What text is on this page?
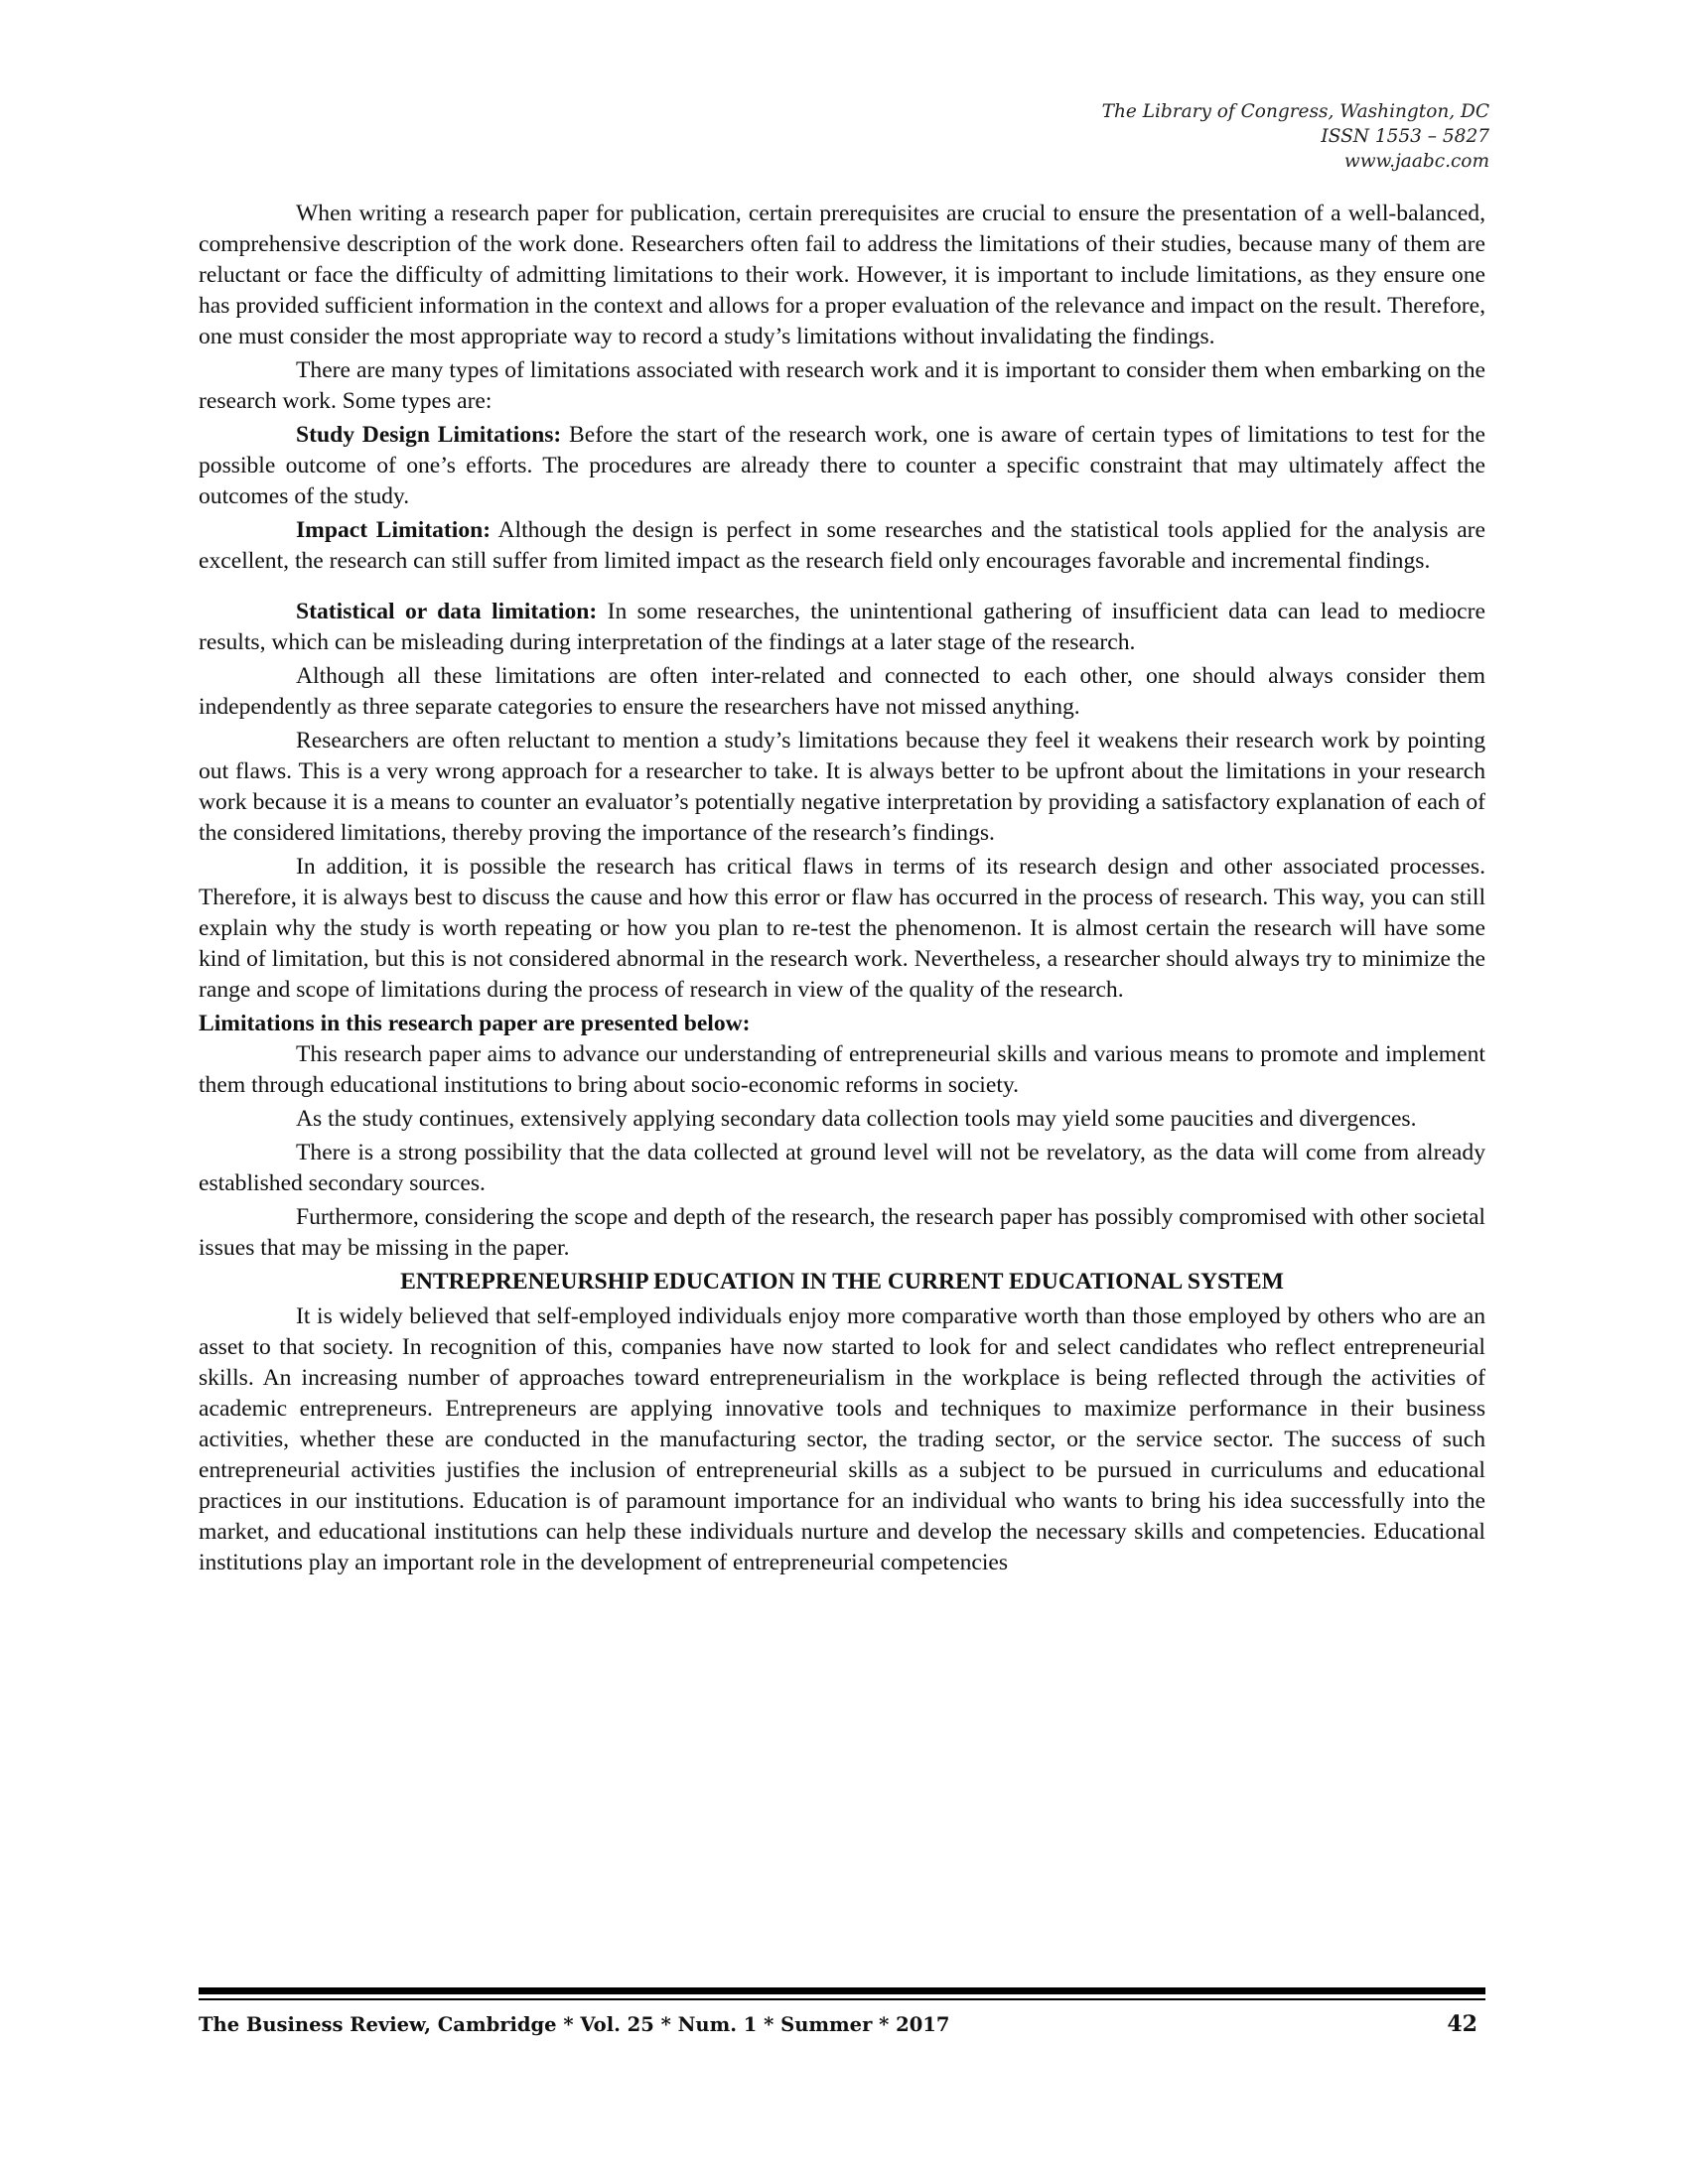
The Library of Congress, Washington, DC
ISSN 1553 – 5827
www.jaabc.com

When writing a research paper for publication, certain prerequisites are crucial to ensure the presentation of a well-balanced, comprehensive description of the work done. Researchers often fail to address the limitations of their studies, because many of them are reluctant or face the difficulty of admitting limitations to their work. However, it is important to include limitations, as they ensure one has provided sufficient information in the context and allows for a proper evaluation of the relevance and impact on the result. Therefore, one must consider the most appropriate way to record a study’s limitations without invalidating the findings.

There are many types of limitations associated with research work and it is important to consider them when embarking on the research work. Some types are:

Study Design Limitations: Before the start of the research work, one is aware of certain types of limitations to test for the possible outcome of one’s efforts. The procedures are already there to counter a specific constraint that may ultimately affect the outcomes of the study.

Impact Limitation: Although the design is perfect in some researches and the statistical tools applied for the analysis are excellent, the research can still suffer from limited impact as the research field only encourages favorable and incremental findings.

Statistical or data limitation: In some researches, the unintentional gathering of insufficient data can lead to mediocre results, which can be misleading during interpretation of the findings at a later stage of the research.

Although all these limitations are often inter-related and connected to each other, one should always consider them independently as three separate categories to ensure the researchers have not missed anything.

Researchers are often reluctant to mention a study’s limitations because they feel it weakens their research work by pointing out flaws. This is a very wrong approach for a researcher to take. It is always better to be upfront about the limitations in your research work because it is a means to counter an evaluator’s potentially negative interpretation by providing a satisfactory explanation of each of the considered limitations, thereby proving the importance of the research’s findings.

In addition, it is possible the research has critical flaws in terms of its research design and other associated processes. Therefore, it is always best to discuss the cause and how this error or flaw has occurred in the process of research. This way, you can still explain why the study is worth repeating or how you plan to re-test the phenomenon. It is almost certain the research will have some kind of limitation, but this is not considered abnormal in the research work. Nevertheless, a researcher should always try to minimize the range and scope of limitations during the process of research in view of the quality of the research.

Limitations in this research paper are presented below:

This research paper aims to advance our understanding of entrepreneurial skills and various means to promote and implement them through educational institutions to bring about socio-economic reforms in society.

As the study continues, extensively applying secondary data collection tools may yield some paucities and divergences.

There is a strong possibility that the data collected at ground level will not be revelatory, as the data will come from already established secondary sources.

Furthermore, considering the scope and depth of the research, the research paper has possibly compromised with other societal issues that may be missing in the paper.

ENTREPRENEURSHIP EDUCATION IN THE CURRENT EDUCATIONAL SYSTEM

It is widely believed that self-employed individuals enjoy more comparative worth than those employed by others who are an asset to that society. In recognition of this, companies have now started to look for and select candidates who reflect entrepreneurial skills. An increasing number of approaches toward entrepreneurialism in the workplace is being reflected through the activities of academic entrepreneurs. Entrepreneurs are applying innovative tools and techniques to maximize performance in their business activities, whether these are conducted in the manufacturing sector, the trading sector, or the service sector. The success of such entrepreneurial activities justifies the inclusion of entrepreneurial skills as a subject to be pursued in curriculums and educational practices in our institutions. Education is of paramount importance for an individual who wants to bring his idea successfully into the market, and educational institutions can help these individuals nurture and develop the necessary skills and competencies. Educational institutions play an important role in the development of entrepreneurial competencies

The Business Review, Cambridge * Vol. 25 * Num. 1 * Summer * 2017	42
